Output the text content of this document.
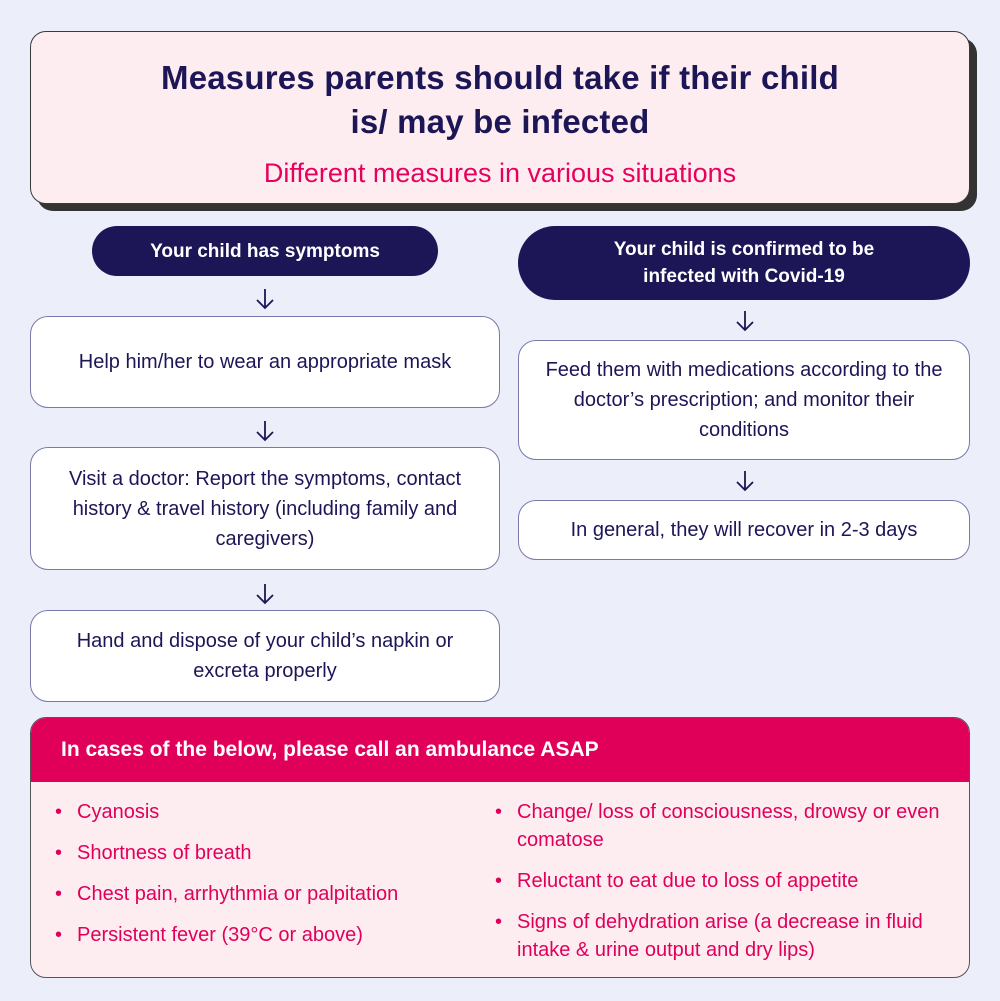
Measures parents should take if their child
is/ may be infected
Different measures in various situations
Your child has symptoms
Help him/her to wear an appropriate mask
Visit a doctor: Report the symptoms, contact history & travel history (including family and caregivers)
Hand and dispose of your child’s napkin or excreta properly
Your child is confirmed to be infected with Covid-19
Feed them with medications according to the doctor’s prescription; and monitor their conditions
In general, they will recover in 2-3 days
In cases of the below, please call an ambulance ASAP
• Cyanosis
• Shortness of breath
• Chest pain, arrhythmia or palpitation
• Persistent fever (39°C or above)
• Change/ loss of consciousness, drowsy or even comatose
• Reluctant to eat due to loss of appetite
• Signs of dehydration arise (a decrease in fluid intake & urine output and dry lips)
